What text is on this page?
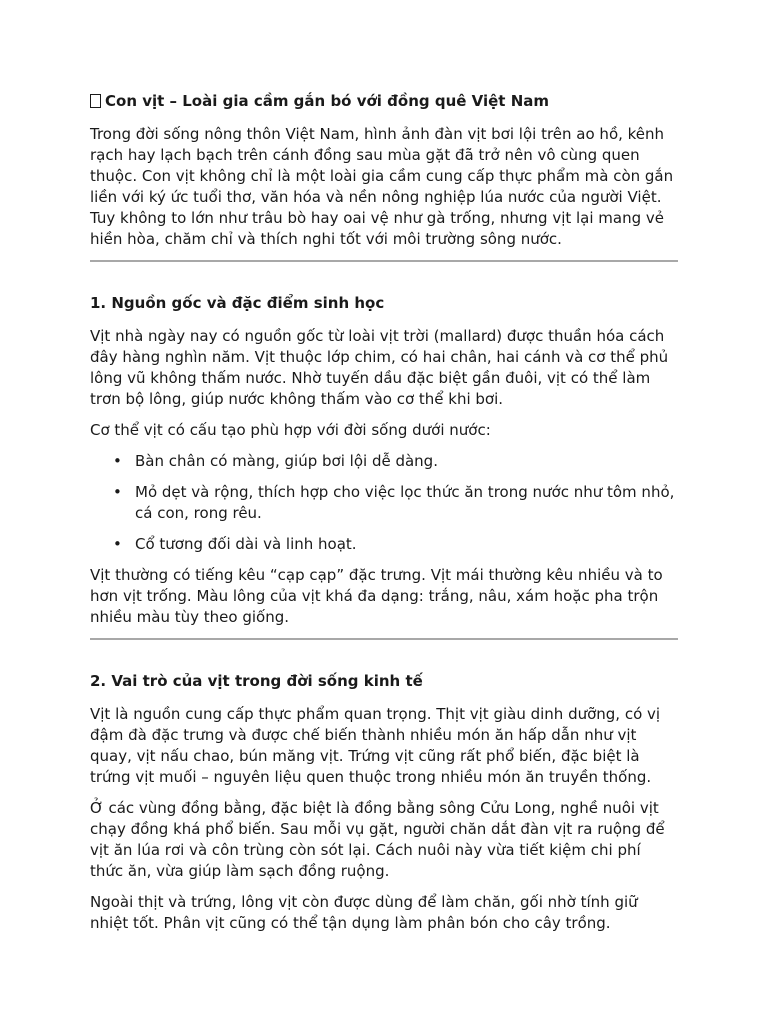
Con vịt – Loài gia cầm gắn bó với đồng quê Việt Nam

Trong đời sống nông thôn Việt Nam, hình ảnh đàn vịt bơi lội trên ao hồ, kênh rạch hay lạch bạch trên cánh đồng sau mùa gặt đã trở nên vô cùng quen thuộc. Con vịt không chỉ là một loài gia cầm cung cấp thực phẩm mà còn gắn liền với ký ức tuổi thơ, văn hóa và nền nông nghiệp lúa nước của người Việt. Tuy không to lớn như trâu bò hay oai vệ như gà trống, nhưng vịt lại mang vẻ hiền hòa, chăm chỉ và thích nghi tốt với môi trường sông nước.

1. Nguồn gốc và đặc điểm sinh học

Vịt nhà ngày nay có nguồn gốc từ loài vịt trời (mallard) được thuần hóa cách đây hàng nghìn năm. Vịt thuộc lớp chim, có hai chân, hai cánh và cơ thể phủ lông vũ không thấm nước. Nhờ tuyến dầu đặc biệt gần đuôi, vịt có thể làm trơn bộ lông, giúp nước không thấm vào cơ thể khi bơi.

Cơ thể vịt có cấu tạo phù hợp với đời sống dưới nước:

• Bàn chân có màng, giúp bơi lội dễ dàng.
• Mỏ dẹt và rộng, thích hợp cho việc lọc thức ăn trong nước như tôm nhỏ, cá con, rong rêu.
• Cổ tương đối dài và linh hoạt.

Vịt thường có tiếng kêu “cạp cạp” đặc trưng. Vịt mái thường kêu nhiều và to hơn vịt trống. Màu lông của vịt khá đa dạng: trắng, nâu, xám hoặc pha trộn nhiều màu tùy theo giống.

2. Vai trò của vịt trong đời sống kinh tế

Vịt là nguồn cung cấp thực phẩm quan trọng. Thịt vịt giàu dinh dưỡng, có vị đậm đà đặc trưng và được chế biến thành nhiều món ăn hấp dẫn như vịt quay, vịt nấu chao, bún măng vịt. Trứng vịt cũng rất phổ biến, đặc biệt là trứng vịt muối – nguyên liệu quen thuộc trong nhiều món ăn truyền thống.

Ở các vùng đồng bằng, đặc biệt là đồng bằng sông Cửu Long, nghề nuôi vịt chạy đồng khá phổ biến. Sau mỗi vụ gặt, người chăn dắt đàn vịt ra ruộng để vịt ăn lúa rơi và côn trùng còn sót lại. Cách nuôi này vừa tiết kiệm chi phí thức ăn, vừa giúp làm sạch đồng ruộng.

Ngoài thịt và trứng, lông vịt còn được dùng để làm chăn, gối nhờ tính giữ nhiệt tốt. Phân vịt cũng có thể tận dụng làm phân bón cho cây trồng.
